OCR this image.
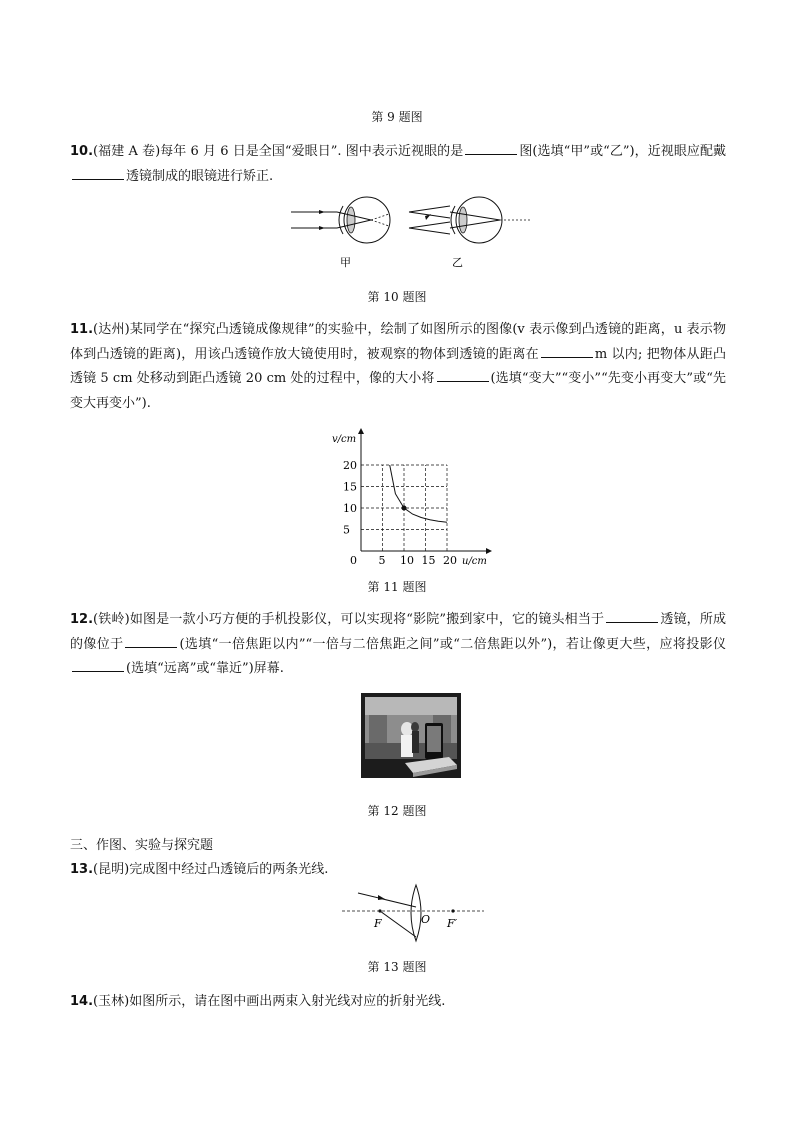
第 9 题图
10.(福建 A 卷)每年 6 月 6 日是全国“爱眼日”. 图中表示近视眼的是	图(选填“甲”或“乙”)，近视眼应配戴透镜制成的眼镜进行矫正.
甲	乙
第 10 题图
11.(达州)某同学在“探究凸透镜成像规律”的实验中，绘制了如图所示的图像(v 表示像到凸透镜的距离，u 表示物体到凸透镜的距离)，用该凸透镜作放大镜使用时，被观察的物体到透镜的距离在	m 以内; 把物体从距凸透镜 5 cm 处移动到距凸透镜 20 cm 处的过程中，像的大小将	(选填“变大”“变小”“先变小再变大”或“先变大再变小”).
v/cm
u/cm
0 5
5
10
10
15
15
20
20
第 11 题图
12.(铁岭)如图是一款小巧方便的手机投影仪，可以实现将“影院”搬到家中，它的镜头相当于	透镜，所成的像位于	(选填“一倍焦距以内”“一倍与二倍焦距之间”或“二倍焦距以外”)，若让像更大些，应将投影仪(选填“远离”或“靠近”)屏幕.
第 12 题图
三、作图、实验与探究题
13.(昆明)完成图中经过凸透镜后的两条光线.
F	O F′
第 13 题图
14.(玉林)如图所示，请在图中画出两束入射光线对应的折射光线.
